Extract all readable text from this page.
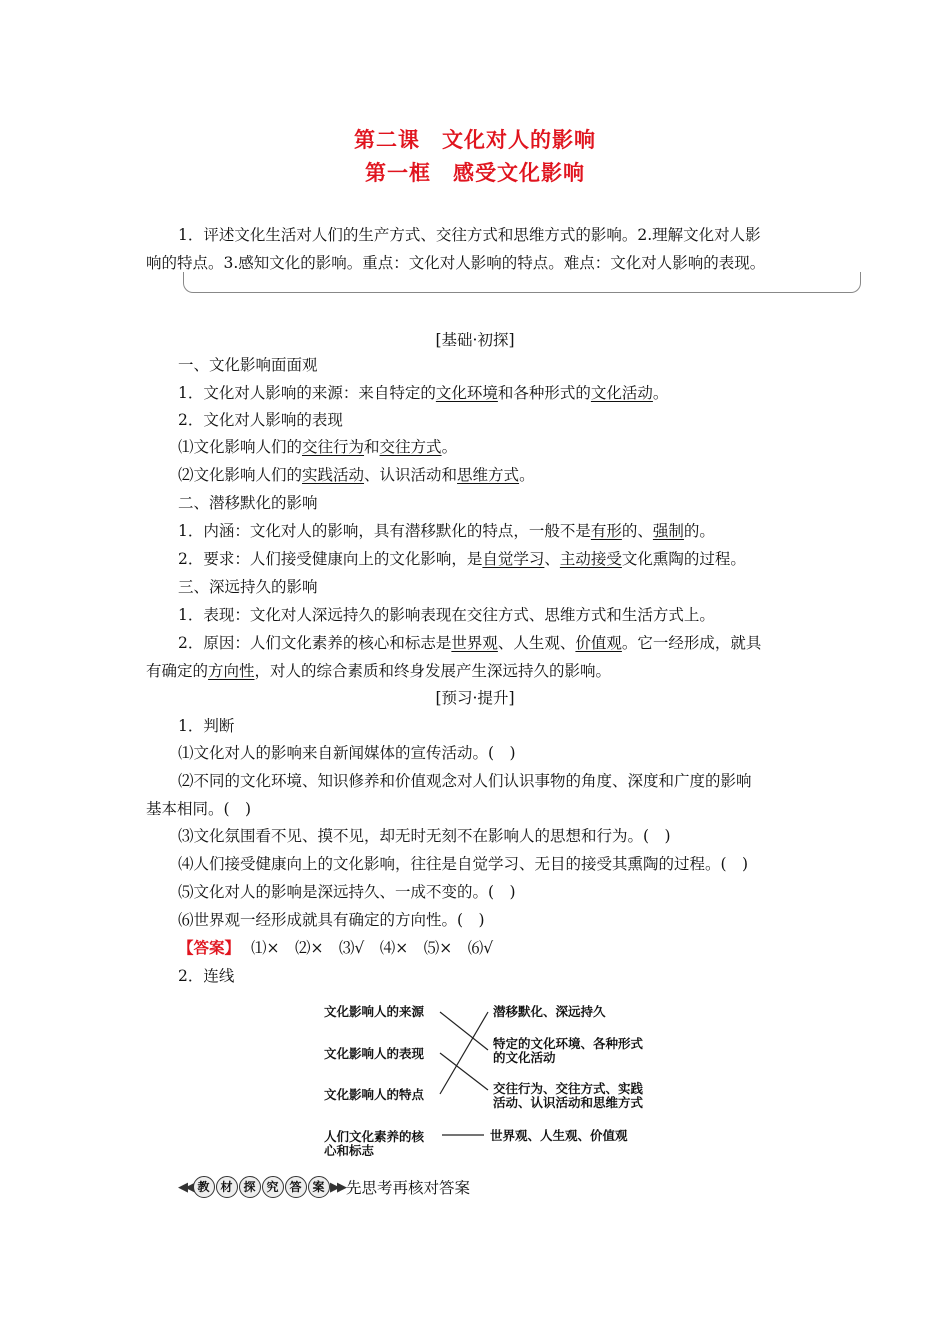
第二课　文化对人的影响
第一框　感受文化影响
1．评述文化生活对人们的生产方式、交往方式和思维方式的影响。2.理解文化对人影
响的特点。3.感知文化的影响。重点：文化对人影响的特点。难点：文化对人影响的表现。
[基础·初探]
一、文化影响面面观
1．文化对人影响的来源：来自特定的文化环境和各种形式的文化活动。
2．文化对人影响的表现
⑴文化影响人们的交往行为和交往方式。
⑵文化影响人们的实践活动、认识活动和思维方式。
二、潜移默化的影响
1．内涵：文化对人的影响，具有潜移默化的特点，一般不是有形的、强制的。
2．要求：人们接受健康向上的文化影响，是自觉学习、主动接受文化熏陶的过程。
三、深远持久的影响
1．表现：文化对人深远持久的影响表现在交往方式、思维方式和生活方式上。
2．原因：人们文化素养的核心和标志是世界观、人生观、价值观。它一经形成，就具
有确定的方向性，对人的综合素质和终身发展产生深远持久的影响。
[预习·提升]
1．判断
⑴文化对人的影响来自新闻媒体的宣传活动。(　)
⑵不同的文化环境、知识修养和价值观念对人们认识事物的角度、深度和广度的影响
基本相同。(　)
⑶文化氛围看不见、摸不见，却无时无刻不在影响人的思想和行为。(　)
⑷人们接受健康向上的文化影响，往往是自觉学习、无目的接受其熏陶的过程。(　)
⑸文化对人的影响是深远持久、一成不变的。(　)
⑹世界观一经形成就具有确定的方向性。(　)
【答案】 ⑴×　⑵×　⑶√　⑷×　⑸×　⑹√
2．连线
文化影响人的来源
文化影响人的表现
文化影响人的特点
人们文化素养的核
心和标志
潜移默化、深远持久
特定的文化环境、各种形式
的文化活动
交往行为、交往方式、实践
活动、认识活动和思维方式
世界观、人生观、价值观
◀◀ 教 材 探 究 答 案 ▶▶ 先思考再核对答案
